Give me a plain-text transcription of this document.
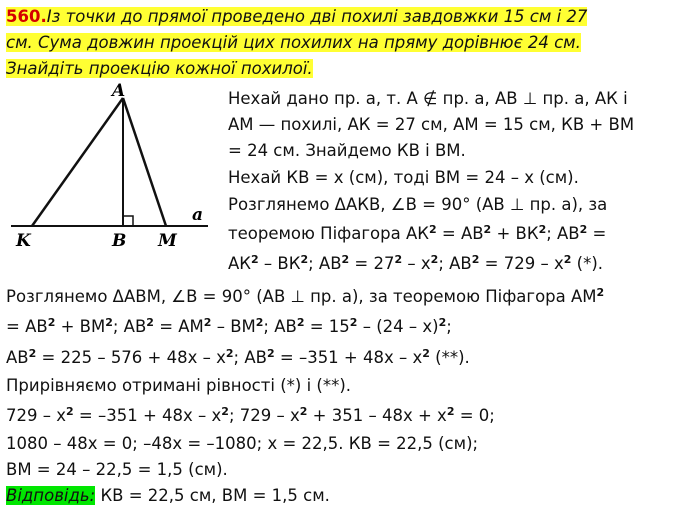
560.Із точки до прямої проведено дві похилі завдовжки 15 см і 27
см. Сума довжин проекцій цих похилих на пряму дорівнює 24 см.
Знайдіть проекцію кожної похилої.
A
K	B M
a
Нехай дано пр. а, т. А ∉ пр. а, АВ ⊥ пр. а, АК і
АМ — похилі, АК = 27 см, АМ = 15 см, КВ + ВМ
= 24 см. Знайдемо КВ і ВМ.
Нехай КВ = х (см), тоді ВМ = 24 – х (см).
Розглянемо ΔАКВ, ∠В = 90° (АВ ⊥ пр. а), за
теоремою Піфагора $АК^2 = АВ^2 + ВК^2$; $АВ^2$ =
$АК^2 - ВК^2$; $АВ^2 = 27^2 - х^2$; $АВ^2 = 729 - х^2$ (*).
Розглянемо ΔАВМ, ∠В = 90° (АВ ⊥ пр. а), за теоремою Піфагора $АМ^2$
= $АВ^2 + ВМ^2$; $АВ^2 = АМ^2 - ВМ^2$; $АВ^2 = 15^2 - (24 - х)^2$;
$АВ^2 = 225 - 576 + 48х - х^2$; $АВ^2 = -351 + 48х - х^2$ (**).
Прирівняємо отримані рівності (*) і (**).
$729 - х^2 = -351 + 48х - х^2$; $729 - х^2 + 351 - 48х + х^2 = 0$;
1080 – 48х = 0; –48х = –1080; х = 22,5. КВ = 22,5 (см);
ВМ = 24 – 22,5 = 1,5 (см).
Відповідь: КВ = 22,5 см, ВМ = 1,5 см.
